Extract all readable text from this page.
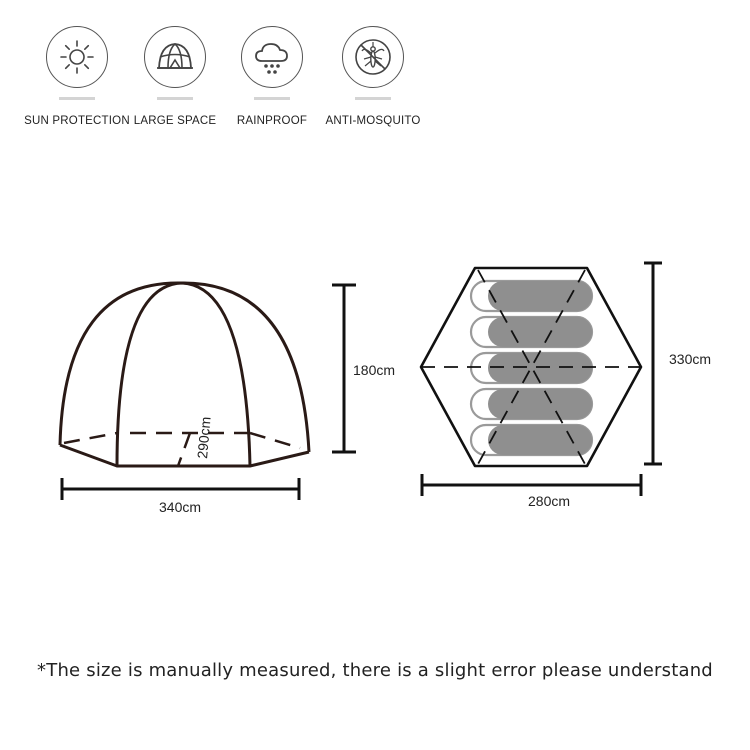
SUN PROTECTION LARGE SPACE	RAINPROOF	ANTI-MOSQUITO
290cm
180cm
340cm
330cm
280cm
*The size is manually measured, there is a slight error please understand
